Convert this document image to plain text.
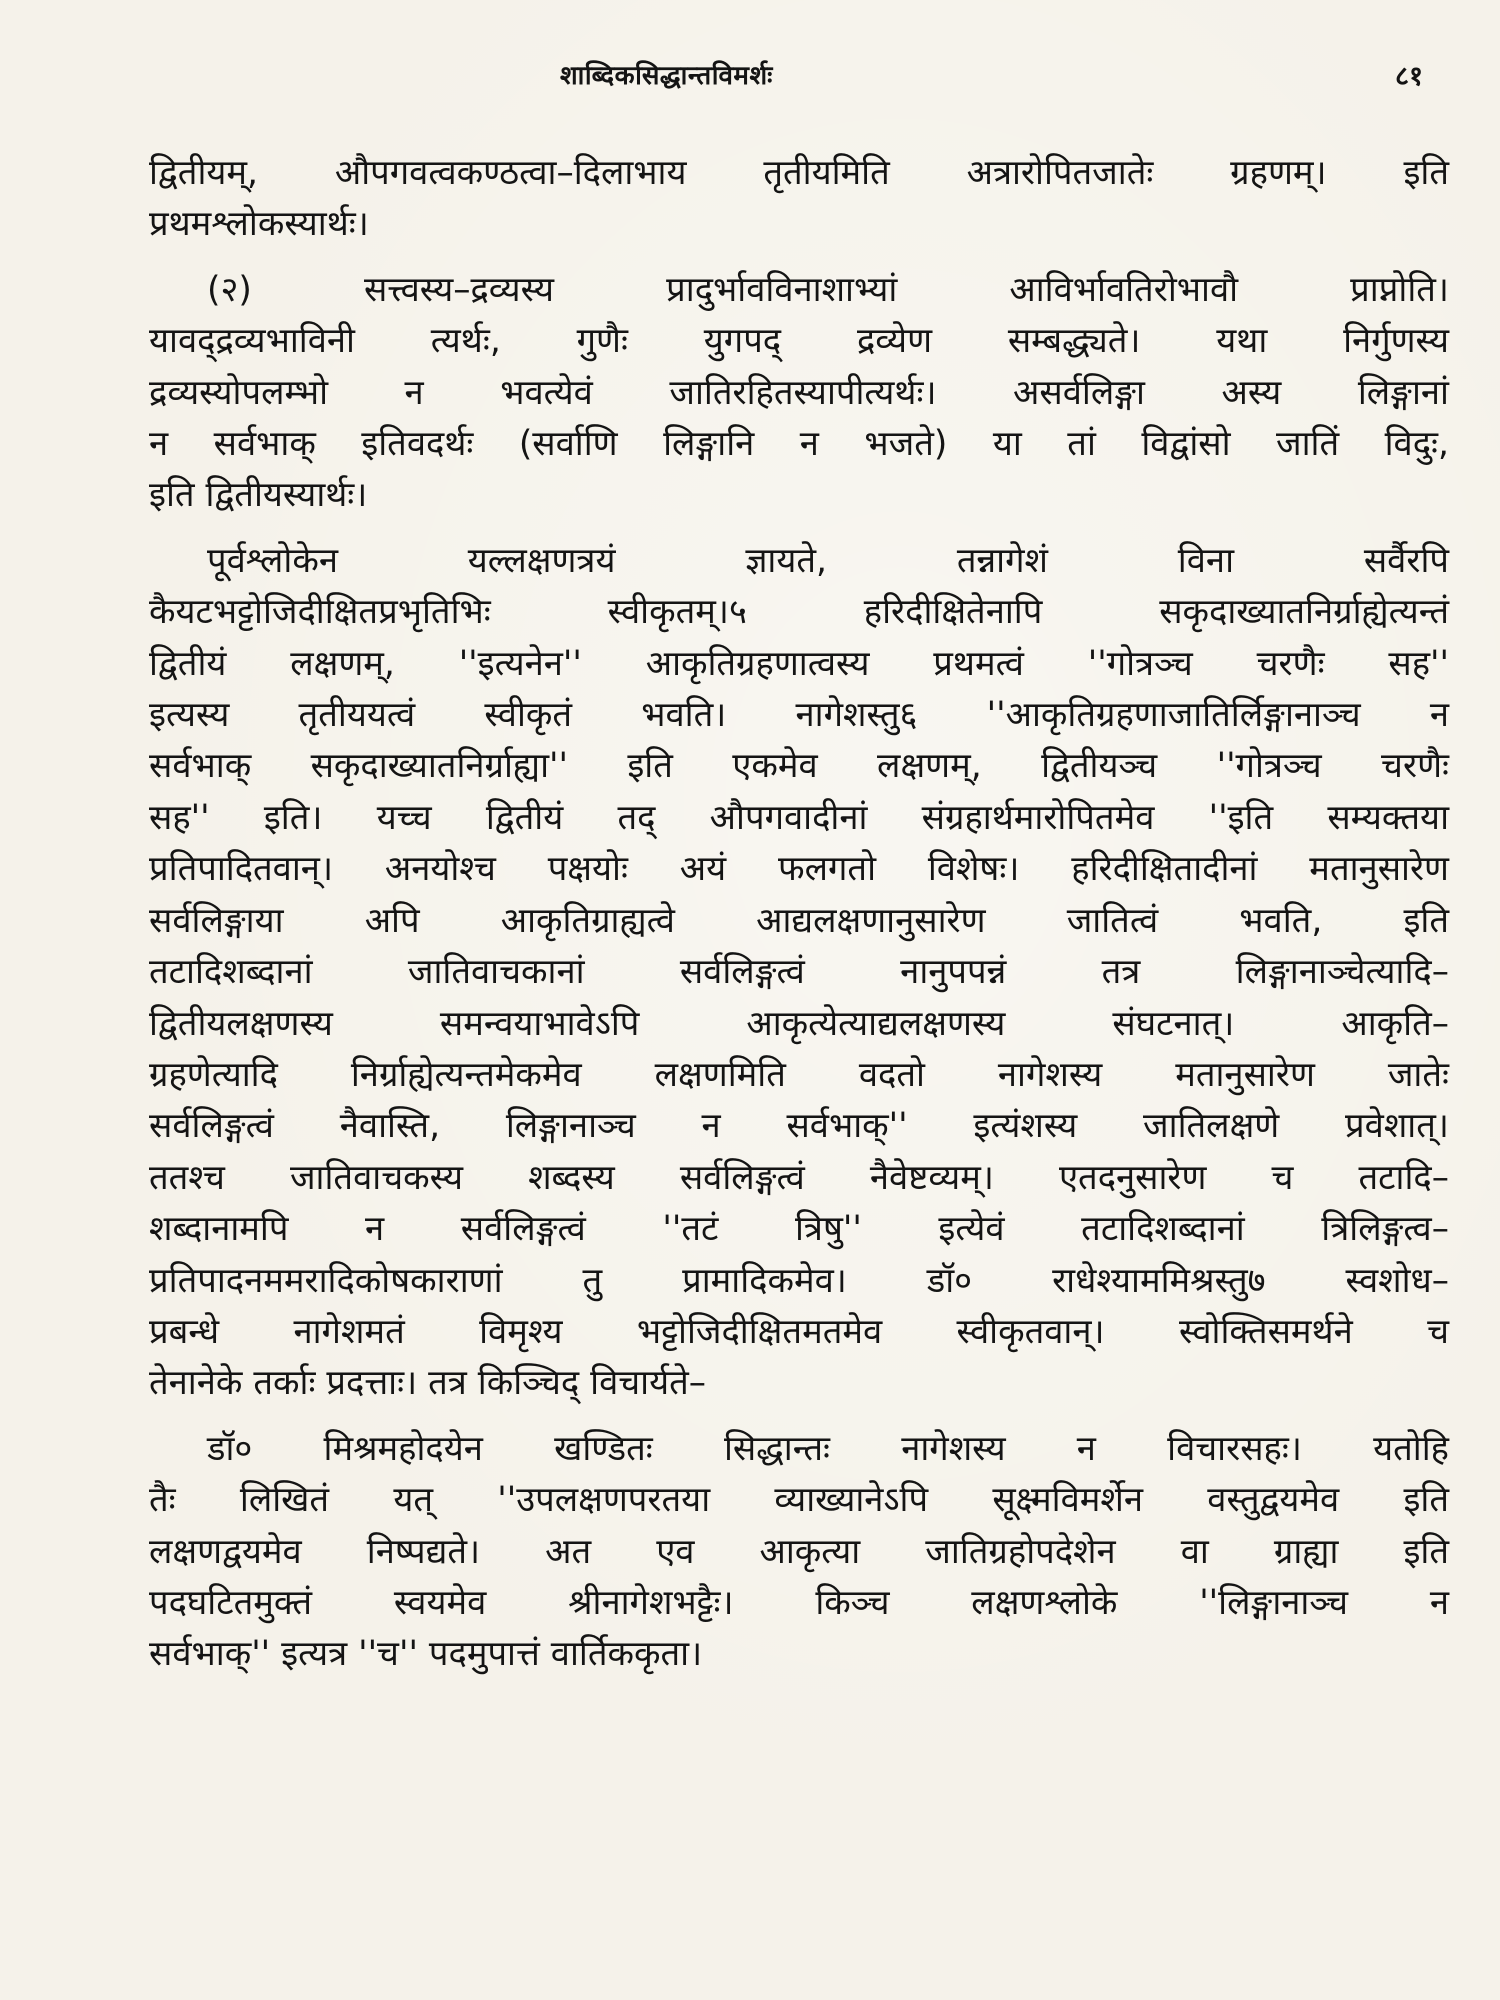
शाब्दिकसिद्धान्तविमर्शः	८१

द्वितीयम्, औपगवत्वकण्ठत्वा–दिलाभाय तृतीयमिति अत्रारोपितजातेः ग्रहणम्। इति
प्रथमश्लोकस्यार्थः।

(२) सत्त्वस्य–द्रव्यस्य प्रादुर्भावविनाशाभ्यां आविर्भावतिरोभावौ प्राप्नोति।
यावद्द्रव्यभाविनी त्यर्थः, गुणैः युगपद् द्रव्येण सम्बद्ध्यते। यथा निर्गुणस्य
द्रव्यस्योपलम्भो न भवत्येवं जातिरहितस्यापीत्यर्थः। असर्वलिङ्गा अस्य लिङ्गानां
न सर्वभाक् इतिवदर्थः (सर्वाणि लिङ्गानि न भजते) या तां विद्वांसो जातिं विदुः,
इति द्वितीयस्यार्थः।

पूर्वश्लोकेन यल्लक्षणत्रयं ज्ञायते, तन्नागेशं विना सर्वैरपि
कैयटभट्टोजिदीक्षितप्रभृतिभिः स्वीकृतम्।५ हरिदीक्षितेनापि सकृदाख्यातनिर्ग्राह्येत्यन्तं
द्वितीयं लक्षणम्, ''इत्यनेन'' आकृतिग्रहणात्वस्य प्रथमत्वं ''गोत्रञ्च चरणैः सह''
इत्यस्य तृतीययत्वं स्वीकृतं भवति। नागेशस्तु६ ''आकृतिग्रहणाजातिर्लिङ्गानाञ्च न
सर्वभाक् सकृदाख्यातनिर्ग्राह्या'' इति एकमेव लक्षणम्, द्वितीयञ्च ''गोत्रञ्च चरणैः
सह'' इति। यच्च द्वितीयं तद् औपगवादीनां संग्रहार्थमारोपितमेव ''इति सम्यक्तया
प्रतिपादितवान्। अनयोश्च पक्षयोः अयं फलगतो विशेषः। हरिदीक्षितादीनां मतानुसारेण
सर्वलिङ्गाया अपि आकृतिग्राह्यत्वे आद्यलक्षणानुसारेण जातित्वं भवति, इति
तटादिशब्दानां जातिवाचकानां सर्वलिङ्गत्वं नानुपपन्नं तत्र लिङ्गानाञ्चेत्यादि–
द्वितीयलक्षणस्य समन्वयाभावेऽपि आकृत्येत्याद्यलक्षणस्य संघटनात्। आकृति–
ग्रहणेत्यादि निर्ग्राह्येत्यन्तमेकमेव लक्षणमिति वदतो नागेशस्य मतानुसारेण जातेः
सर्वलिङ्गत्वं नैवास्ति, लिङ्गानाञ्च न सर्वभाक्'' इत्यंशस्य जातिलक्षणे प्रवेशात्।
ततश्च जातिवाचकस्य शब्दस्य सर्वलिङ्गत्वं नैवेष्टव्यम्। एतदनुसारेण च तटादि–
शब्दानामपि न सर्वलिङ्गत्वं ''तटं त्रिषु'' इत्येवं तटादिशब्दानां त्रिलिङ्गत्व–
प्रतिपादनममरादिकोषकाराणां तु प्रामादिकमेव। डॉ० राधेश्याममिश्रस्तु७ स्वशोध–
प्रबन्धे नागेशमतं विमृश्य भट्टोजिदीक्षितमतमेव स्वीकृतवान्। स्वोक्तिसमर्थने च
तेनानेके तर्काः प्रदत्ताः। तत्र किञ्चिद् विचार्यते–

डॉ० मिश्रमहोदयेन खण्डितः सिद्धान्तः नागेशस्य न विचारसहः। यतोहि
तैः लिखितं यत् ''उपलक्षणपरतया व्याख्यानेऽपि सूक्ष्मविमर्शेन वस्तुद्वयमेव इति
लक्षणद्वयमेव निष्पद्यते। अत एव आकृत्या जातिग्रहोपदेशेन वा ग्राह्या इति
पदघटितमुक्तं स्वयमेव श्रीनागेशभट्टैः। किञ्च लक्षणश्लोके ''लिङ्गानाञ्च न
सर्वभाक्'' इत्यत्र ''च'' पदमुपात्तं वार्तिककृता।
